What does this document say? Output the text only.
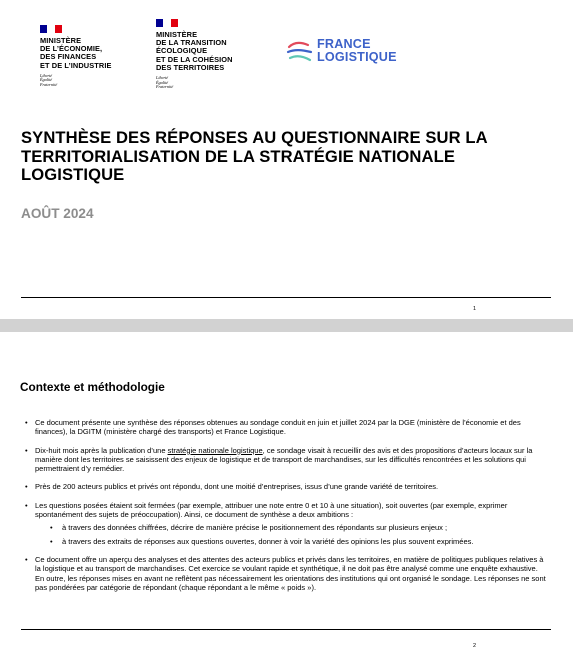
MINISTÈRE
DE L’ÉCONOMIE,
DES FINANCES
ET DE L’INDUSTRIE
Liberté
Égalité
Fraternité
MINISTÈRE
DE LA TRANSITION
ÉCOLOGIQUE
ET DE LA COHÉSION
DES TERRITOIRES
Liberté
Égalité
Fraternité
FRANCE
LOGISTIQUE
SYNTHÈSE DES RÉPONSES AU QUESTIONNAIRE SUR LA TERRITORIALISATION DE LA STRATÉGIE NATIONALE LOGISTIQUE
AOÛT 2024
1
Contexte et méthodologie
• Ce document présente une synthèse des réponses obtenues au sondage conduit en juin et juillet 2024 par la DGE (ministère de l’économie et des finances), la DGITM (ministère chargé des transports) et France Logistique.
• Dix-huit mois après la publication d’une stratégie nationale logistique, ce sondage visait à recueillir des avis et des propositions d’acteurs locaux sur la manière dont les territoires se saisissent des enjeux de logistique et de transport de marchandises, sur les difficultés rencontrées et les solutions qui permettraient d’y remédier.
• Près de 200 acteurs publics et privés ont répondu, dont une moitié d’entreprises, issus d’une grande variété de territoires.
• Les questions posées étaient soit fermées (par exemple, attribuer une note entre 0 et 10 à une situation), soit ouvertes (par exemple, exprimer spontanément des sujets de préoccupation). Ainsi, ce document de synthèse a deux ambitions :
• à travers des données chiffrées, décrire de manière précise le positionnement des répondants sur plusieurs enjeux ;
• à travers des extraits de réponses aux questions ouvertes, donner à voir la variété des opinions les plus souvent exprimées.
• Ce document offre un aperçu des analyses et des attentes des acteurs publics et privés dans les territoires, en matière de politiques publiques relatives à la logistique et au transport de marchandises. Cet exercice se voulant rapide et synthétique, il ne doit pas être analysé comme une enquête exhaustive. En outre, les réponses mises en avant ne reflètent pas nécessairement les orientations des institutions qui ont organisé le sondage. Les réponses ne sont pas pondérées par catégorie de répondant (chaque répondant a le même « poids »).
2
